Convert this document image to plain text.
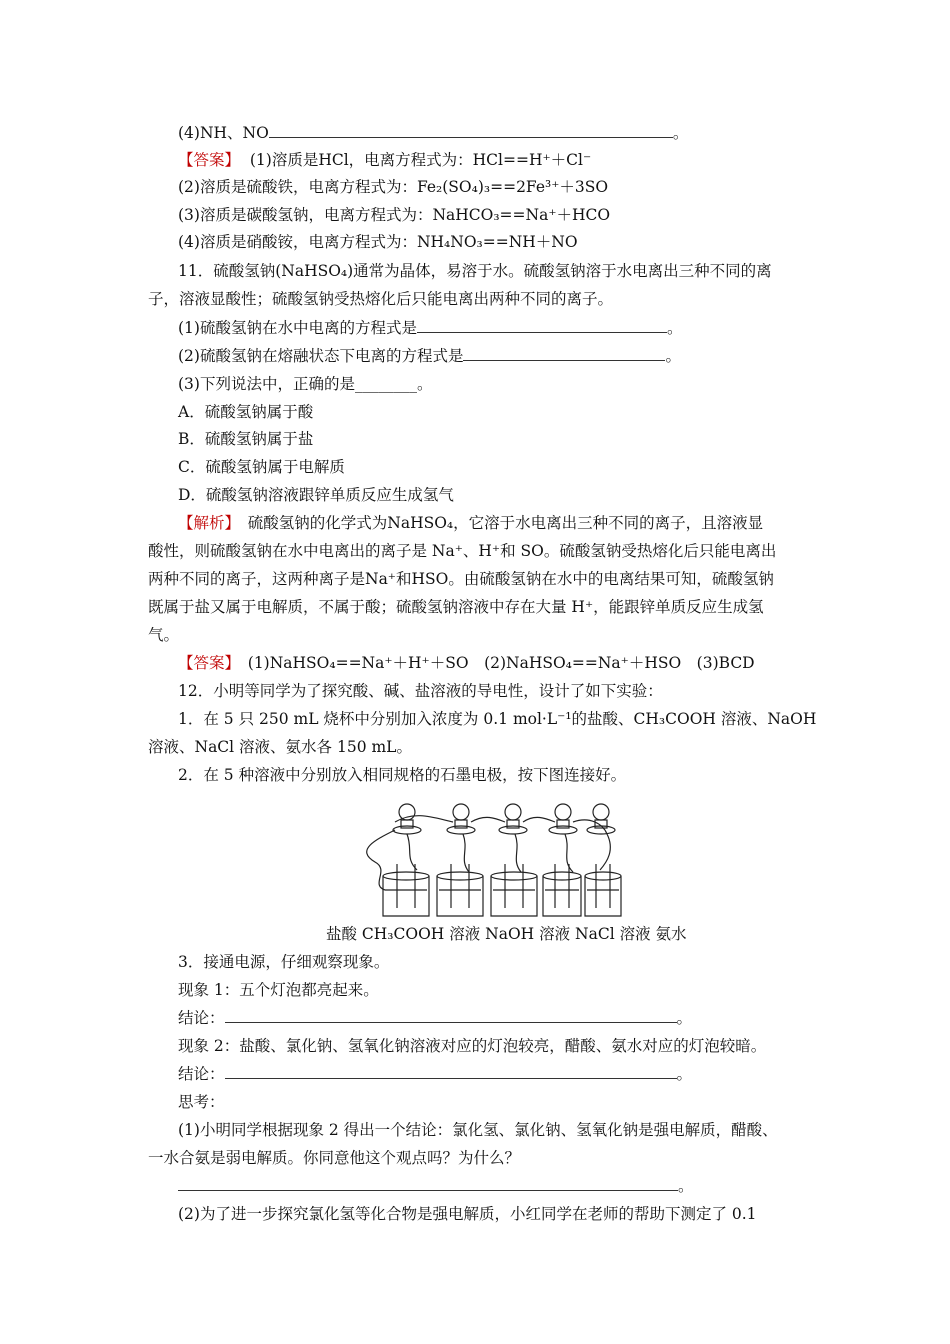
(4)NH、NO	。
【答案】 (1)溶质是HCl，电离方程式为：HCl==H⁺＋Cl⁻
(2)溶质是硫酸铁，电离方程式为：Fe₂(SO₄)₃==2Fe³⁺＋3SO
(3)溶质是碳酸氢钠，电离方程式为：NaHCO₃==Na⁺＋HCO
(4)溶质是硝酸铵，电离方程式为：NH₄NO₃==NH＋NO
11．硫酸氢钠(NaHSO₄)通常为晶体，易溶于水。硫酸氢钠溶于水电离出三种不同的离
子，溶液显酸性；硫酸氢钠受热熔化后只能电离出两种不同的离子。
(1)硫酸氢钠在水中电离的方程式是	。
(2)硫酸氢钠在熔融状态下电离的方程式是	。
(3)下列说法中，正确的是________。
A．硫酸氢钠属于酸
B．硫酸氢钠属于盐
C．硫酸氢钠属于电解质
D．硫酸氢钠溶液跟锌单质反应生成氢气
【解析】　硫酸氢钠的化学式为NaHSO₄，它溶于水电离出三种不同的离子，且溶液显
酸性，则硫酸氢钠在水中电离出的离子是 Na⁺、H⁺和 SO。硫酸氢钠受热熔化后只能电离出
两种不同的离子，这两种离子是Na⁺和HSO。由硫酸氢钠在水中的电离结果可知，硫酸氢钠
既属于盐又属于电解质，不属于酸；硫酸氢钠溶液中存在大量 H⁺，能跟锌单质反应生成氢
气。
【答案】　(1)NaHSO₄==Na⁺＋H⁺＋SO　(2)NaHSO₄==Na⁺＋HSO　(3)BCD
12．小明等同学为了探究酸、碱、盐溶液的导电性，设计了如下实验：
1．在 5 只 250 mL 烧杯中分别加入浓度为 0.1 mol·L⁻¹的盐酸、CH₃COOH 溶液、NaOH
溶液、NaCl 溶液、氨水各 150 mL。
2．在 5 种溶液中分别放入相同规格的石墨电极，按下图连接好。
盐酸 CH₃COOH 溶液 NaOH 溶液 NaCl 溶液 氨水
3．接通电源，仔细观察现象。
现象 1：五个灯泡都亮起来。
结论：	。
现象 2：盐酸、氯化钠、氢氧化钠溶液对应的灯泡较亮，醋酸、氨水对应的灯泡较暗。
结论：	。
思考：
(1)小明同学根据现象 2 得出一个结论：氯化氢、氯化钠、氢氧化钠是强电解质，醋酸、
一水合氨是弱电解质。你同意他这个观点吗？为什么？
。
(2)为了进一步探究氯化氢等化合物是强电解质，小红同学在老师的帮助下测定了 0.1
